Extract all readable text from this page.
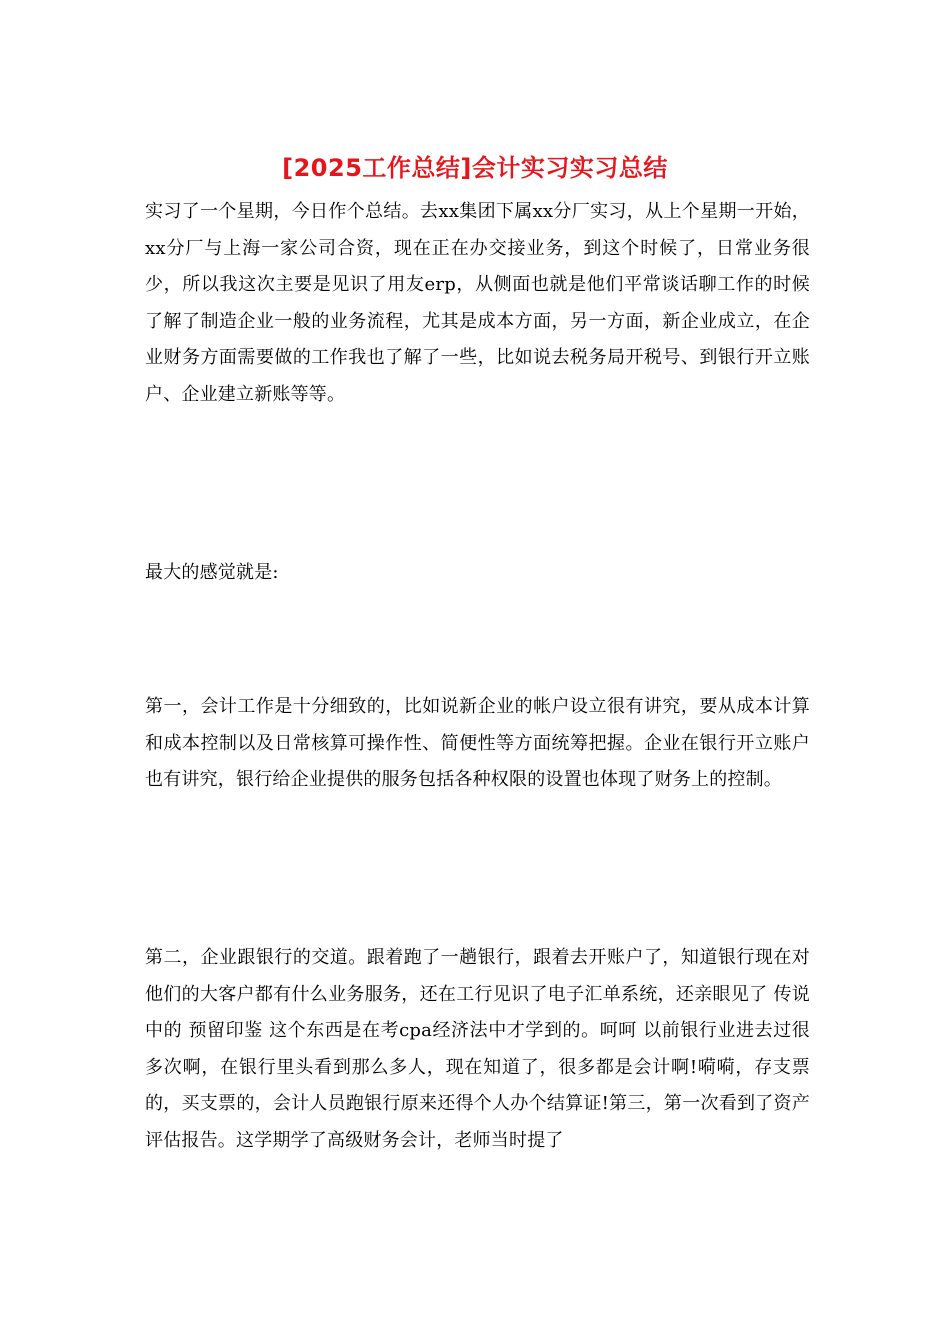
[2025工作总结]会计实习实习总结

实习了一个星期，今日作个总结。去xx集团下属xx分厂实习，从上个星期一开始，xx分厂与上海一家公司合资，现在正在办交接业务，到这个时候了，日常业务很少，所以我这次主要是见识了用友erp，从侧面也就是他们平常谈话聊工作的时候了解了制造企业一般的业务流程，尤其是成本方面，另一方面，新企业成立，在企业财务方面需要做的工作我也了解了一些，比如说去税务局开税号、到银行开立账户、企业建立新账等等。

最大的感觉就是:

第一，会计工作是十分细致的，比如说新企业的帐户设立很有讲究，要从成本计算和成本控制以及日常核算可操作性、简便性等方面统筹把握。企业在银行开立账户也有讲究，银行给企业提供的服务包括各种权限的设置也体现了财务上的控制。

第二，企业跟银行的交道。跟着跑了一趟银行，跟着去开账户了，知道银行现在对他们的大客户都有什么业务服务，还在工行见识了电子汇单系统，还亲眼见了 传说中的 预留印鉴 这个东西是在考cpa经济法中才学到的。呵呵 以前银行业进去过很多次啊，在银行里头看到那么多人，现在知道了，很多都是会计啊!嗬嗬，存支票的，买支票的，会计人员跑银行原来还得个人办个结算证!第三，第一次看到了资产评估报告。这学期学了高级财务会计，老师当时提了
